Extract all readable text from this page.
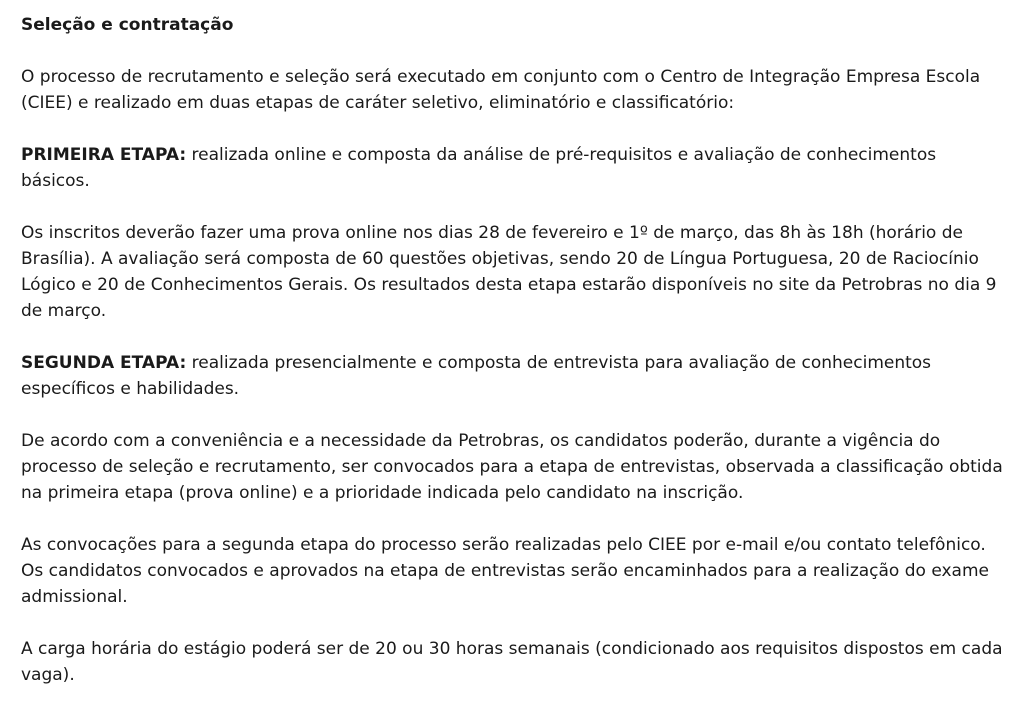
Seleção e contratação

O processo de recrutamento e seleção será executado em conjunto com o Centro de Integração Empresa Escola (CIEE) e realizado em duas etapas de caráter seletivo, eliminatório e classificatório:

PRIMEIRA ETAPA: realizada online e composta da análise de pré-requisitos e avaliação de conhecimentos básicos.

Os inscritos deverão fazer uma prova online nos dias 28 de fevereiro e 1º de março, das 8h às 18h (horário de Brasília). A avaliação será composta de 60 questões objetivas, sendo 20 de Língua Portuguesa, 20 de Raciocínio Lógico e 20 de Conhecimentos Gerais. Os resultados desta etapa estarão disponíveis no site da Petrobras no dia 9 de março.

SEGUNDA ETAPA: realizada presencialmente e composta de entrevista para avaliação de conhecimentos específicos e habilidades.

De acordo com a conveniência e a necessidade da Petrobras, os candidatos poderão, durante a vigência do processo de seleção e recrutamento, ser convocados para a etapa de entrevistas, observada a classificação obtida na primeira etapa (prova online) e a prioridade indicada pelo candidato na inscrição.

As convocações para a segunda etapa do processo serão realizadas pelo CIEE por e-mail e/ou contato telefônico. Os candidatos convocados e aprovados na etapa de entrevistas serão encaminhados para a realização do exame admissional.

A carga horária do estágio poderá ser de 20 ou 30 horas semanais (condicionado aos requisitos dispostos em cada vaga).
